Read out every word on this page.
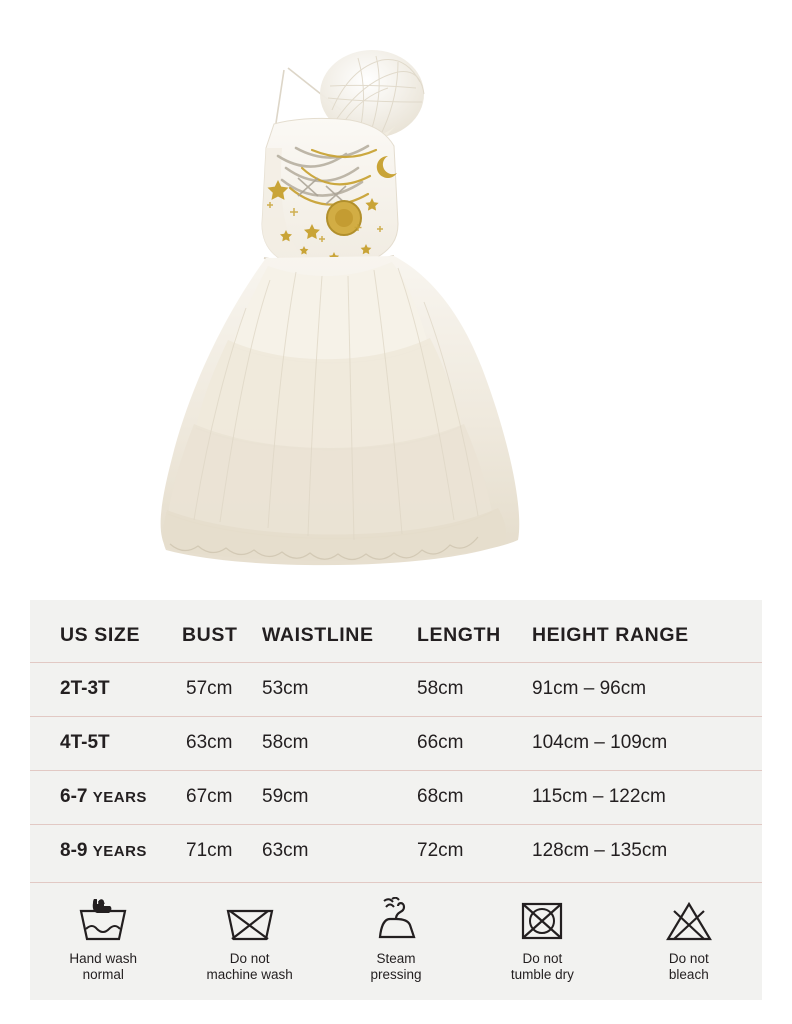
US SIZE	BUST	WAISTLINE	LENGTH	HEIGHT RANGE
2T-3T	57cm	53cm	58cm	91cm – 96cm
4T-5T	63cm	58cm	66cm	104cm – 109cm
6-7 YEARS	67cm	59cm	68cm	115cm – 122cm
8-9 YEARS	71cm	63cm	72cm	128cm – 135cm
Hand wash
normal
Do not
machine wash
Steam
pressing
Do not
tumble dry
Do not
bleach
